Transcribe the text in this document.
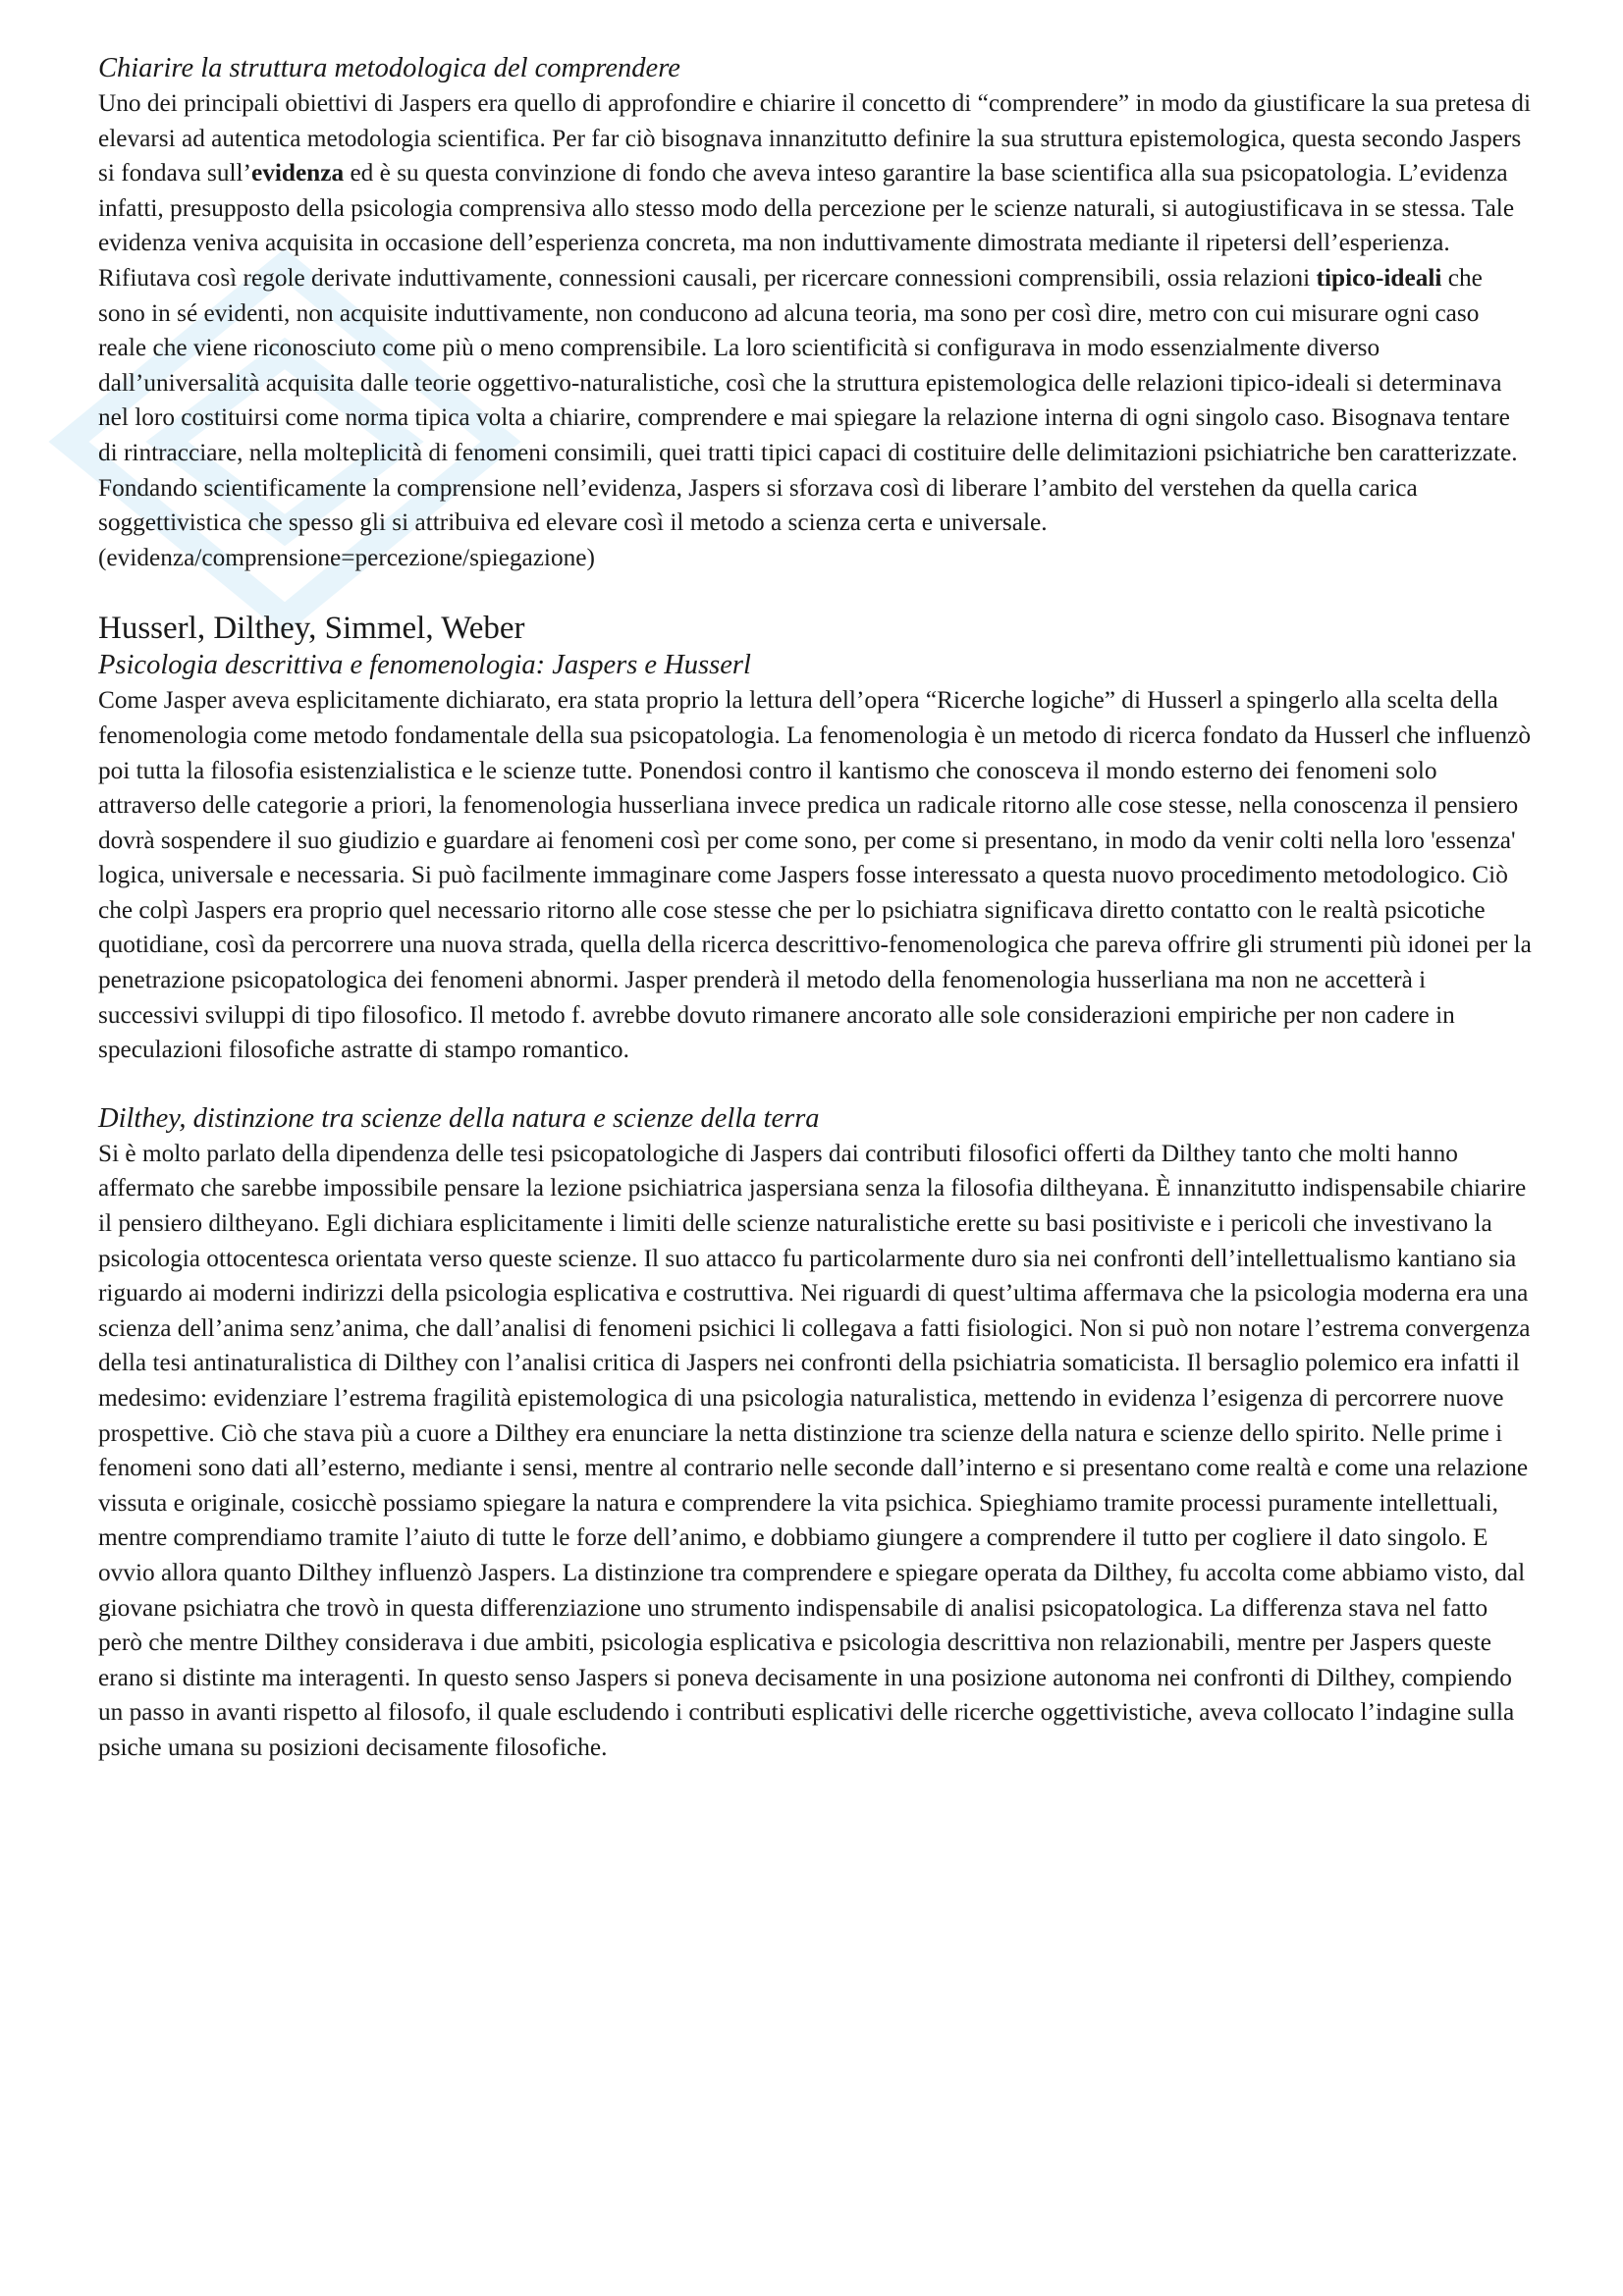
Chiarire la struttura metodologica del comprendere

Uno dei principali obiettivi di Jaspers era quello di approfondire e chiarire il concetto di “comprendere” in modo da giustificare la sua pretesa di elevarsi ad autentica metodologia scientifica. Per far ciò bisognava innanzitutto definire la sua struttura epistemologica, questa secondo Jaspers si fondava sull’evidenza ed è su questa convinzione di fondo che aveva inteso garantire la base scientifica alla sua psicopatologia. L’evidenza infatti, presupposto della psicologia comprensiva allo stesso modo della percezione per le scienze naturali, si autogiustificava in se stessa. Tale evidenza veniva acquisita in occasione dell’esperienza concreta, ma non induttivamente dimostrata mediante il ripetersi dell’esperienza. Rifiutava così regole derivate induttivamente, connessioni causali, per ricercare connessioni comprensibili, ossia relazioni tipico-ideali che sono in sé evidenti, non acquisite induttivamente, non conducono ad alcuna teoria, ma sono per così dire, metro con cui misurare ogni caso reale che viene riconosciuto come più o meno comprensibile. La loro scientificità si configurava in modo essenzialmente diverso dall’universalità acquisita dalle teorie oggettivo-naturalistiche, così che la struttura epistemologica delle relazioni tipico-ideali si determinava nel loro costituirsi come norma tipica volta a chiarire, comprendere e mai spiegare la relazione interna di ogni singolo caso. Bisognava tentare di rintracciare, nella molteplicità di fenomeni consimili, quei tratti tipici capaci di costituire delle delimitazioni psichiatriche ben caratterizzate. Fondando scientificamente la comprensione nell’evidenza, Jaspers si sforzava così di liberare l’ambito del verstehen da quella carica soggettivistica che spesso gli si attribuiva ed elevare così il metodo a scienza certa e universale. (evidenza/comprensione=percezione/spiegazione)

Husserl, Dilthey, Simmel, Weber
Psicologia descrittiva e fenomenologia: Jaspers e Husserl

Come Jasper aveva esplicitamente dichiarato, era stata proprio la lettura dell’opera “Ricerche logiche” di Husserl a spingerlo alla scelta della fenomenologia come metodo fondamentale della sua psicopatologia. La fenomenologia è un metodo di ricerca fondato da Husserl che influenzò poi tutta la filosofia esistenzialistica e le scienze tutte. Ponendosi contro il kantismo che conosceva il mondo esterno dei fenomeni solo attraverso delle categorie a priori, la fenomenologia husserliana invece predica un radicale ritorno alle cose stesse, nella conoscenza il pensiero dovrà sospendere il suo giudizio e guardare ai fenomeni così per come sono, per come si presentano, in modo da venir colti nella loro 'essenza' logica, universale e necessaria. Si può facilmente immaginare come Jaspers fosse interessato a questa nuovo procedimento metodologico. Ciò che colpì Jaspers era proprio quel necessario ritorno alle cose stesse che per lo psichiatra significava diretto contatto con le realtà psicotiche quotidiane, così da percorrere una nuova strada, quella della ricerca descrittivo-fenomenologica che pareva offrire gli strumenti più idonei per la penetrazione psicopatologica dei fenomeni abnormi. Jasper prenderà il metodo della fenomenologia husserliana ma non ne accetterà i successivi sviluppi di tipo filosofico. Il metodo f. avrebbe dovuto rimanere ancorato alle sole considerazioni empiriche per non cadere in speculazioni filosofiche astratte di stampo romantico.

Dilthey, distinzione tra scienze della natura e scienze della terra

Si è molto parlato della dipendenza delle tesi psicopatologiche di Jaspers dai contributi filosofici offerti da Dilthey tanto che molti hanno affermato che sarebbe impossibile pensare la lezione psichiatrica jaspersiana senza la filosofia diltheyana. È innanzitutto indispensabile chiarire il pensiero diltheyano. Egli dichiara esplicitamente i limiti delle scienze naturalistiche erette su basi positiviste e i pericoli che investivano la psicologia ottocentesca orientata verso queste scienze. Il suo attacco fu particolarmente duro sia nei confronti dell’intellettualismo kantiano sia riguardo ai moderni indirizzi della psicologia esplicativa e costruttiva. Nei riguardi di quest’ultima affermava che la psicologia moderna era una scienza dell’anima senz’anima, che dall’analisi di fenomeni psichici li collegava a fatti fisiologici. Non si può non notare l’estrema convergenza della tesi antinaturalistica di Dilthey con l’analisi critica di Jaspers nei confronti della psichiatria somaticista. Il bersaglio polemico era infatti il medesimo: evidenziare l’estrema fragilità epistemologica di una psicologia naturalistica, mettendo in evidenza l’esigenza di percorrere nuove prospettive. Ciò che stava più a cuore a Dilthey era enunciare la netta distinzione tra scienze della natura e scienze dello spirito. Nelle prime i fenomeni sono dati all’esterno, mediante i sensi, mentre al contrario nelle seconde dall’interno e si presentano come realtà e come una relazione vissuta e originale, cosicchè possiamo spiegare la natura e comprendere la vita psichica. Spieghiamo tramite processi puramente intellettuali, mentre comprendiamo tramite l’aiuto di tutte le forze dell’animo, e dobbiamo giungere a comprendere il tutto per cogliere il dato singolo. E ovvio allora quanto Dilthey influenzò Jaspers. La distinzione tra comprendere e spiegare operata da Dilthey, fu accolta come abbiamo visto, dal giovane psichiatra che trovò in questa differenziazione uno strumento indispensabile di analisi psicopatologica. La differenza stava nel fatto però che mentre Dilthey considerava i due ambiti, psicologia esplicativa e psicologia descrittiva non relazionabili, mentre per Jaspers queste erano si distinte ma interagenti. In questo senso Jaspers si poneva decisamente in una posizione autonoma nei confronti di Dilthey, compiendo un passo in avanti rispetto al filosofo, il quale escludendo i contributi esplicativi delle ricerche oggettivistiche, aveva collocato l’indagine sulla psiche umana su posizioni decisamente filosofiche.
